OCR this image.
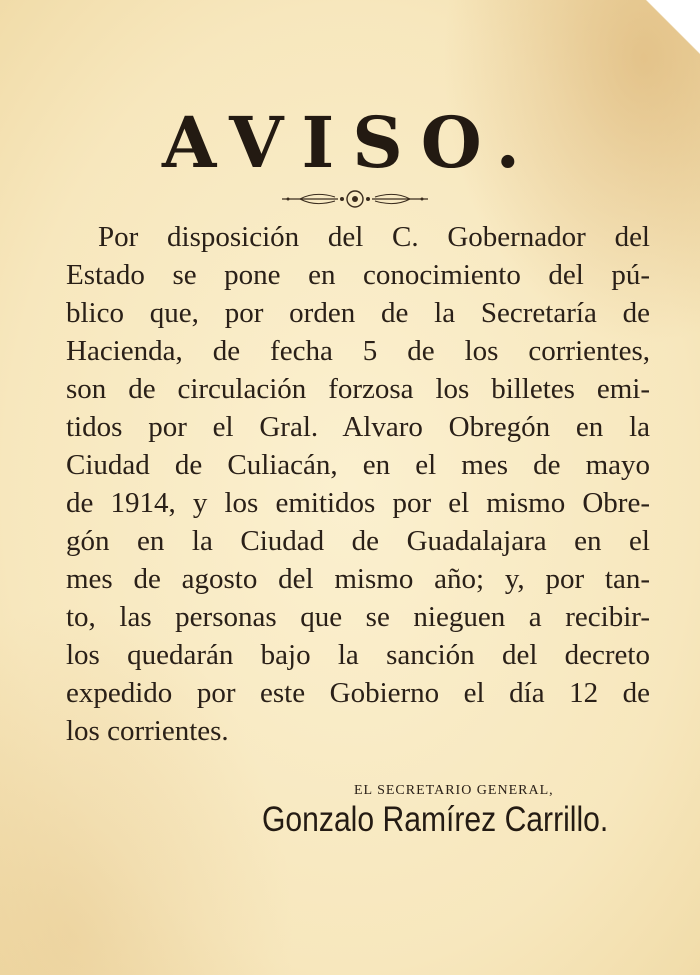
AVISO.
Por disposición del C. Gobernador del
Estado se pone en conocimiento del pú-
blico que, por orden de la Secretaría de
Hacienda, de fecha 5 de los corrientes,
son de circulación forzosa los billetes emi-
tidos por el Gral. Alvaro Obregón en la
Ciudad de Culiacán, en el mes de mayo
de 1914, y los emitidos por el mismo Obre-
gón en la Ciudad de Guadalajara en el
mes de agosto del mismo año; y, por tan-
to, las personas que se nieguen a recibir-
los quedarán bajo la sanción del decreto
expedido por este Gobierno el día 12 de
los corrientes.
EL SECRETARIO GENERAL,
Gonzalo Ramírez Carrillo.
